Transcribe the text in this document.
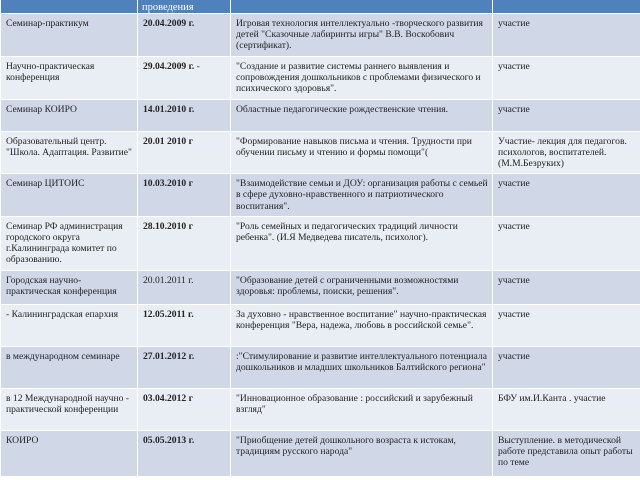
	проведения		
Семинар-практикум	20.04.2009 г.	Игровая технология интеллектуально -творческого развития детей "Сказочные лабиринты игры" В.В. Воскобович (сертификат).	участие
Научно-практическая конференция	29.04.2009 г. -	"Создание и развитие системы раннего выявления и сопровождения дошкольников с проблемами физического и психического здоровья".	участие
Семинар КОИРО	14.01.2010 г.	Областные педагогические рождественские чтения.	участие
Образовательный центр. "Школа. Адаптация. Развитие"	20.01 2010 г	"Формирование навыков письма и чтения. Трудности при обучении письму и чтению и формы помощи"(	Участие- лекция для педагогов. психологов, воспитателей. (М.М.Безруких)
Семинар ЦИТОИС	10.03.2010 г	"Взаимодействие семьи и ДОУ: организация работы с семьей в сфере духовно-нравственного и патриотического воспитания".	участие
Семинар РФ администрация городского округа г.Калининграда комитет по образованию.	28.10.2010 г	"Роль семейных и педагогических традиций личности ребенка". (И.Я Медведева писатель, психолог).	участие
Городская научно-практическая конференция	20.01.2011 г.	"Образование детей с ограниченными возможностями здоровья: проблемы, поиски, решения".	участие
- Калининградская епархия	12.05.2011 г.	За духовно - нравственное воспитание" научно-практическая конференция "Вера, надежа, любовь в российской семье".	участие
в международном семинаре	27.01.2012 г.	:"Стимулирование и развитие интеллектуального потенциала дошкольников и младших школьников Балтийского региона"	участие
в 12 Международной научно - практической конференции	03.04.2012 г	"Инновационное образование : российский и зарубежный взгляд"	БФУ им.И.Канта . участие
КОИРО	05.05.2013 г.	"Приобщение детей дошкольного возраста к истокам, традициям русского народа"	Выступление. в методической работе представила опыт работы по теме
